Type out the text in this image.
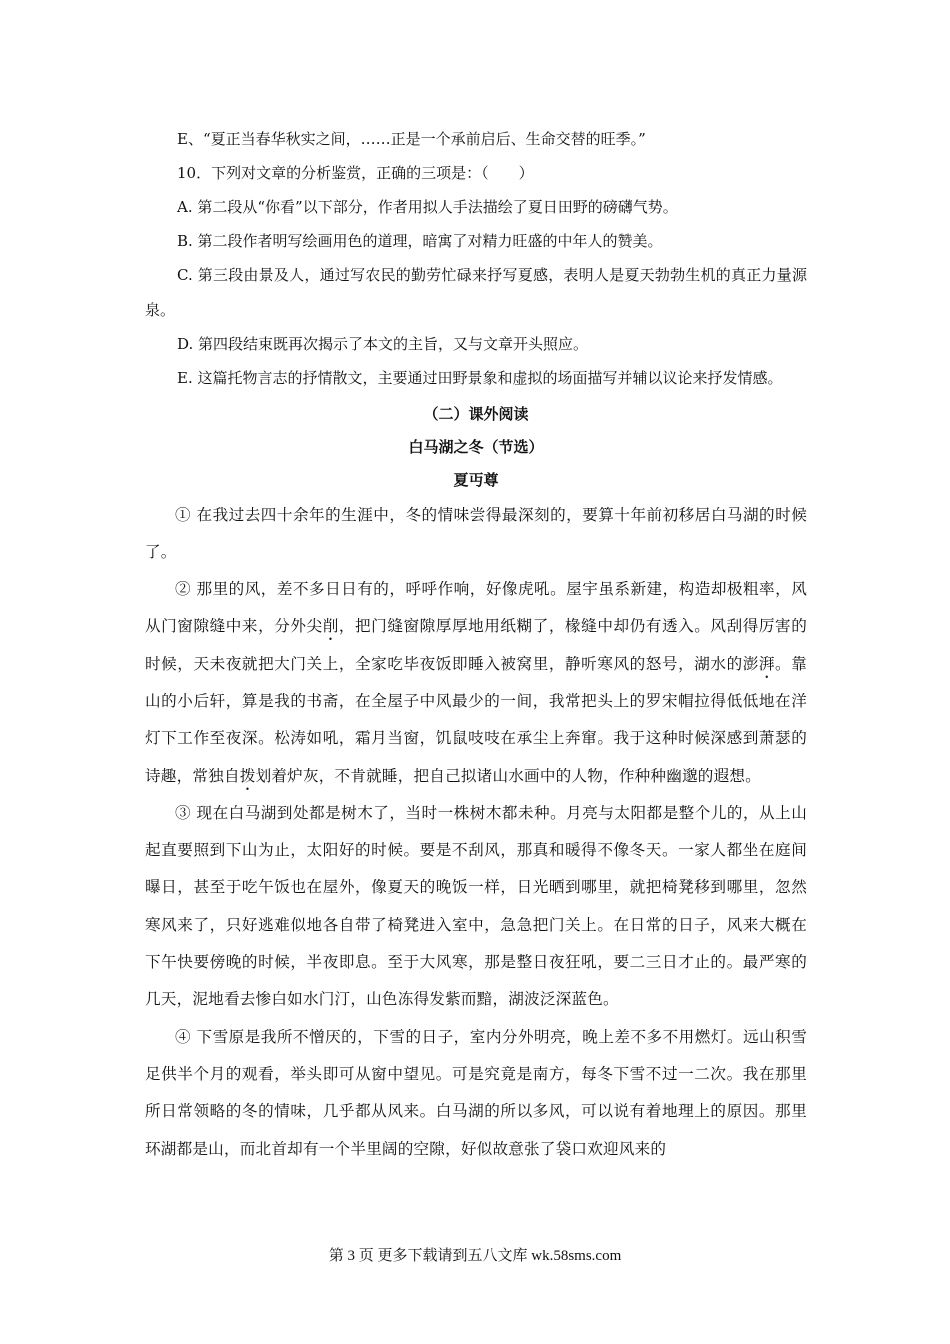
E、“夏正当春华秋实之间，……正是一个承前启后、生命交替的旺季。”
10．下列对文章的分析鉴赏，正确的三项是：（　　）
A. 第二段从“你看”以下部分，作者用拟人手法描绘了夏日田野的磅礴气势。
B. 第二段作者明写绘画用色的道理，暗寓了对精力旺盛的中年人的赞美。

C. 第三段由景及人，通过写农民的勤劳忙碌来抒写夏感，表明人是夏天勃勃生机的真正力量源泉。

D. 第四段结束既再次揭示了本文的主旨，又与文章开头照应。

E. 这篇托物言志的抒情散文，主要通过田野景象和虚拟的场面描写并辅以议论来抒发情感。

（二）课外阅读
白马湖之冬（节选）
夏丏尊

① 在我过去四十余年的生涯中，冬的情味尝得最深刻的，要算十年前初移居白马湖的时候了。

② 那里的风，差不多日日有的，呼呼作响，好像虎吼。屋宇虽系新建，构造却极粗率，风从门窗隙缝中来，分外尖削，把门缝窗隙厚厚地用纸糊了，椽缝中却仍有透入。风刮得厉害的时候，天未夜就把大门关上，全家吃毕夜饭即睡入被窝里，静听寒风的怒号，湖水的澎湃。靠山的小后轩，算是我的书斋，在全屋子中风最少的一间，我常把头上的罗宋帽拉得低低地在洋灯下工作至夜深。松涛如吼，霜月当窗，饥鼠吱吱在承尘上奔窜。我于这种时候深感到萧瑟的诗趣，常独自拨划着炉灰，不肯就睡，把自己拟诸山水画中的人物，作种种幽邈的遐想。

③ 现在白马湖到处都是树木了，当时一株树木都未种。月亮与太阳都是整个儿的，从上山起直要照到下山为止，太阳好的时候。要是不刮风，那真和暖得不像冬天。一家人都坐在庭间曝日，甚至于吃午饭也在屋外，像夏天的晚饭一样，日光晒到哪里，就把椅凳移到哪里，忽然寒风来了，只好逃难似地各自带了椅凳进入室中，急急把门关上。在日常的日子，风来大概在下午快要傍晚的时候，半夜即息。至于大风寒，那是整日夜狂吼，要二三日才止的。最严寒的几天，泥地看去惨白如水门汀，山色冻得发紫而黯，湖波泛深蓝色。

④ 下雪原是我所不憎厌的，下雪的日子，室内分外明亮，晚上差不多不用燃灯。远山积雪足供半个月的观看，举头即可从窗中望见。可是究竟是南方，每冬下雪不过一二次。我在那里所日常领略的冬的情味，几乎都从风来。白马湖的所以多风，可以说有着地理上的原因。那里环湖都是山，而北首却有一个半里阔的空隙，好似故意张了袋口欢迎风来的

第 3 页 更多下载请到五八文库 wk.58sms.com
